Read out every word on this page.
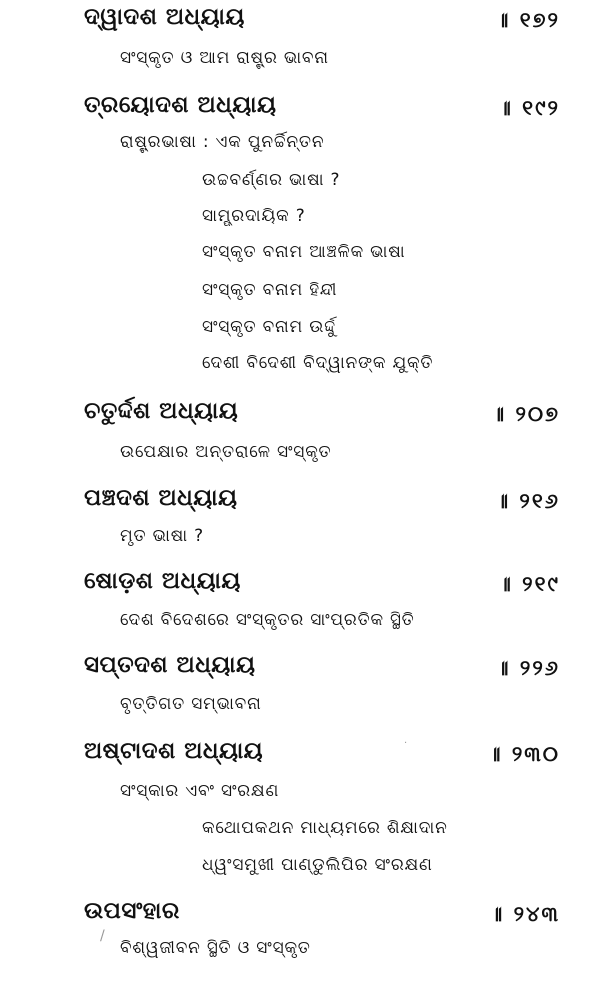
ଦ୍ୱାଦଶ ଅଧ୍ୟାୟ	॥ ୧୭୨
ସଂସ୍କୃତ ଓ ଆମ ରାଷ୍ଟ୍ର ଭାବନା
ତ୍ରୟୋଦଶ ଅଧ୍ୟାୟ	॥ ୧୯୨
ରାଷ୍ଟ୍ରଭାଷା : ଏକ ପୁନର୍ଚ୍ଚିନ୍ତନ
ଉଚ୍ଚବର୍ଣ୍ଣର ଭାଷା ?
ସାମ୍ପ୍ରଦାୟିକ ?
ସଂସ୍କୃତ ବନାମ ଆଞ୍ଚଳିକ ଭାଷା
ସଂସ୍କୃତ ବନାମ ହିନ୍ଦୀ
ସଂସ୍କୃତ ବନାମ ଉର୍ଦ୍ଦୁ
ଦେଶୀ ବିଦେଶୀ ବିଦ୍ୱାନଙ୍କ ଯୁକ୍ତି
ଚତୁର୍ଦ୍ଦଶ ଅଧ୍ୟାୟ	॥ ୨୦୭
ଉପେକ୍ଷାର ଅନ୍ତରାଳେ ସଂସ୍କୃତ
ପଞ୍ଚଦଶ ଅଧ୍ୟାୟ	॥ ୨୧୬
ମୃତ ଭାଷା ?
ଷୋଡ଼ଶ ଅଧ୍ୟାୟ	॥ ୨୧୯
ଦେଶ ବିଦେଶରେ ସଂସ୍କୃତର ସାଂପ୍ରତିକ ସ୍ଥିତି
ସପ୍ତଦଶ ଅଧ୍ୟାୟ	॥ ୨୨୬
ବୃତ୍ତିଗତ ସମ୍ଭାବନା
ଅଷ୍ଟାଦଶ ଅଧ୍ୟାୟ	॥ ୨୩୦
ସଂସ୍କାର ଏବଂ ସଂରକ୍ଷଣ
କଥୋପକଥନ ମାଧ୍ୟମରେ ଶିକ୍ଷାଦାନ
ଧ୍ୱଂସମୁଖୀ ପାଣ୍ଡୁଲିପିର ସଂରକ୍ଷଣ
ଉପସଂହାର	॥ ୨୪୩
ବିଶ୍ୱଜୀବନ ସ୍ଥିତି ଓ ସଂସ୍କୃତ
/
·
